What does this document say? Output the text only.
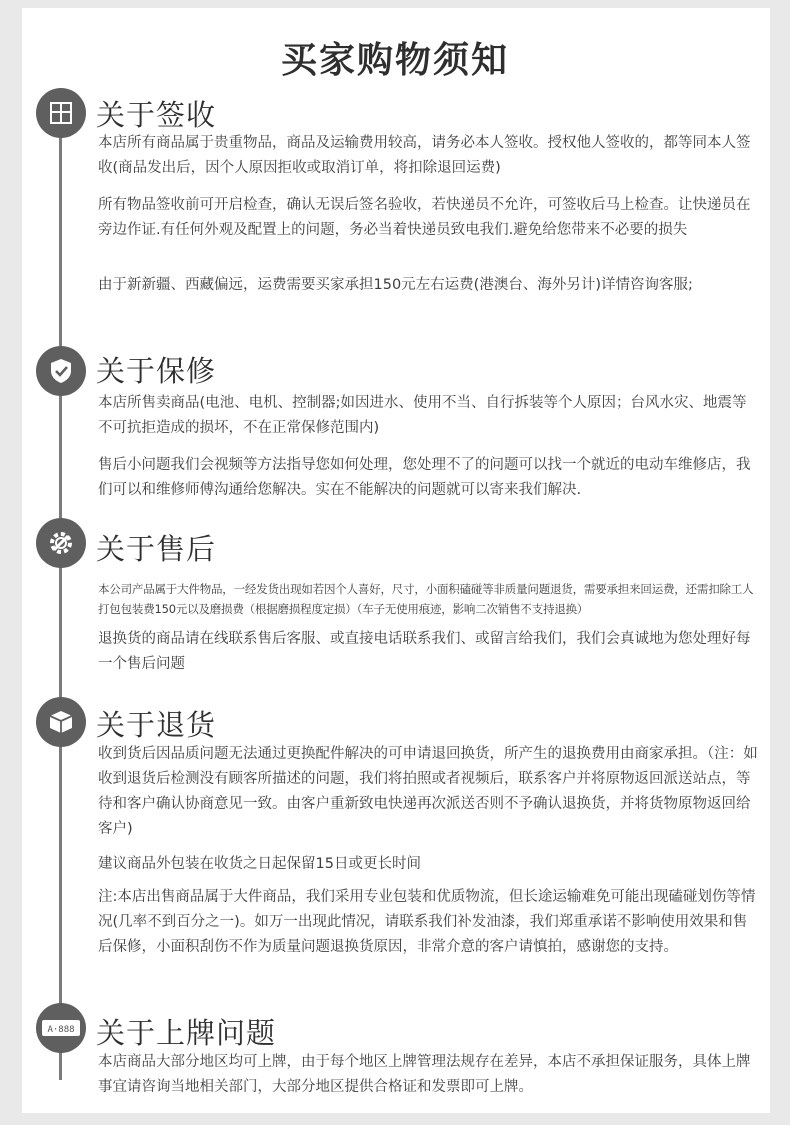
买家购物须知
关于签收
本店所有商品属于贵重物品，商品及运输费用较高，请务必本人签收。授权他人签收的，都等同本人签收(商品发出后，因个人原因拒收或取消订单，将扣除退回运费)
所有物品签收前可开启检查，确认无误后签名验收，若快递员不允许，可签收后马上检查。让快递员在旁边作证.有任何外观及配置上的问题，务必当着快递员致电我们.避免给您带来不必要的损失
由于新新疆、西藏偏远，运费需要买家承担150元左右运费(港澳台、海外另计)详情咨询客服;
关于保修
本店所售卖商品(电池、电机、控制器;如因进水、使用不当、自行拆装等个人原因；台风水灾、地震等不可抗拒造成的损坏，不在正常保修范围内)
售后小问题我们会视频等方法指导您如何处理，您处理不了的问题可以找一个就近的电动车维修店，我们可以和维修师傅沟通给您解决。实在不能解决的问题就可以寄来我们解决.
关于售后
本公司产品属于大件物品，一经发货出现如若因个人喜好，尺寸，小面积磕碰等非质量问题退货，需要承担来回运费，还需扣除工人打包包装费150元以及磨损费（根据磨损程度定损）（车子无使用痕迹，影响二次销售不支持退换）
退换货的商品请在线联系售后客服、或直接电话联系我们、或留言给我们，我们会真诚地为您处理好每一个售后问题
关于退货
收到货后因品质问题无法通过更换配件解决的可申请退回换货，所产生的退换费用由商家承担。（注：如收到退货后检测没有顾客所描述的问题，我们将拍照或者视频后，联系客户并将原物返回派送站点，等待和客户确认协商意见一致。由客户重新致电快递再次派送否则不予确认退换货，并将货物原物返回给客户)
建议商品外包装在收货之日起保留15日或更长时间
注:本店出售商品属于大件商品，我们采用专业包装和优质物流，但长途运输难免可能出现磕碰划伤等情况(几率不到百分之一)。如万一出现此情况，请联系我们补发油漆，我们郑重承诺不影响使用效果和售后保修，小面积刮伤不作为质量问题退换货原因，非常介意的客户请慎拍，感谢您的支持。
A·888 关于上牌问题
本店商品大部分地区均可上牌，由于每个地区上牌管理法规存在差异，本店不承担保证服务，具体上牌事宜请咨询当地相关部门，大部分地区提供合格证和发票即可上牌。
